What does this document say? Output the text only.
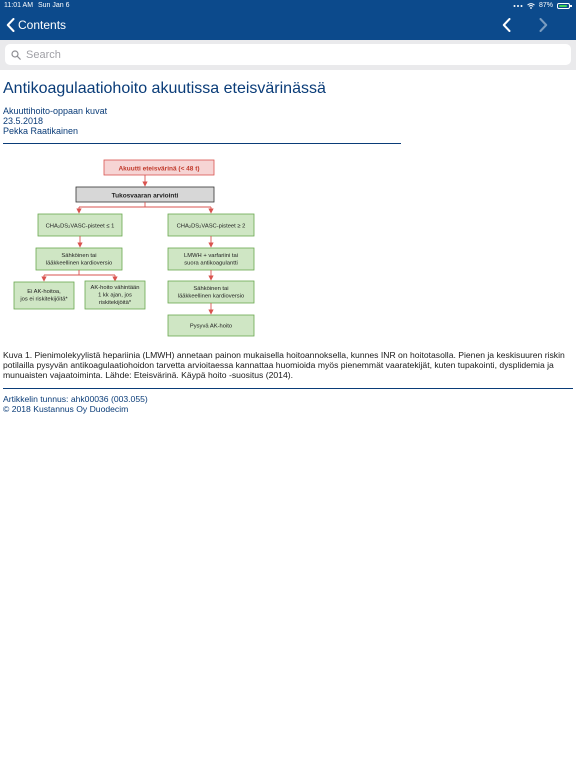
11:01 AM Sun Jan 6	87%
Contents
Search
Antikoagulaatiohoito akuutissa eteisvärinässä
Akuuttihoito-oppaan kuvat
23.5.2018
Pekka Raatikainen
Akuutti eteisvärinä (< 48 t)
Tukosvaaran arviointi
CHA₂DS₂VASC-pisteet ≤ 1	CHA₂DS₂VASC-pisteet ≥ 2
Sähköinen tai
lääkkeellinen kardioversio
LMWH + varfariini tai
suora antikoagulantti
Ei AK-hoitoa,
jos ei riskitekijöitä*
AK-hoito vähintään
1 kk ajan, jos
riskitekijöitä*
Sähköinen tai
lääkkeellinen kardioversio
Pysyvä AK-hoito
Kuva 1. Pienimolekyylistä hepariinia (LMWH) annetaan painon mukaisella hoitoannoksella, kunnes INR on hoitotasolla. Pienen ja keskisuuren riskin potilailla pysyvän antikoagulaatiohoidon tarvetta arvioitaessa kannattaa huomioida myös pienemmät vaaratekijät, kuten tupakointi, dysplidemia ja munuaisten vajaatoiminta. Lähde: Eteisvärinä. Käypä hoito -suositus (2014).
Artikkelin tunnus: ahk00036 (003.055)
© 2018 Kustannus Oy Duodecim
